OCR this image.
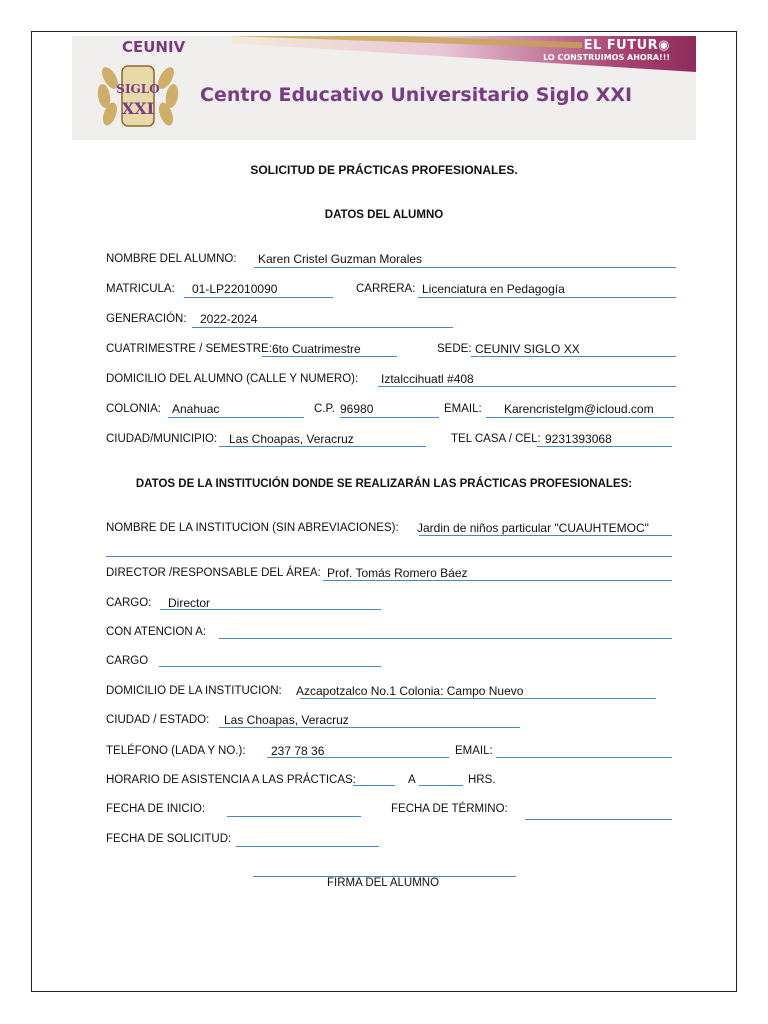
EL FUTUR◉
LO CONSTRUIMOS AHORA!!!
CEUNIV
SIGLO
XXI
Centro Educativo Universitario Siglo XXI
SOLICITUD DE PRÁCTICAS PROFESIONALES.
DATOS DEL ALUMNO
NOMBRE DEL ALUMNO: Karen Cristel Guzman Morales
MATRICULA: 01-LP22010090	CARRERA: Licenciatura en Pedagogía
GENERACIÓN: 2022-2024
CUATRIMESTRE / SEMESTRE: 6to Cuatrimestre	SEDE: CEUNIV SIGLO XX
DOMICILIO DEL ALUMNO (CALLE Y NUMERO): Iztalccihuatl #408
COLONIA: Anahuac	C.P. 96980	EMAIL: Karencristelgm@icloud.com
CIUDAD/MUNICIPIO: Las Choapas, Veracruz	TEL CASA / CEL: 9231393068
DATOS DE LA INSTITUCIÓN DONDE SE REALIZARÁN LAS PRÁCTICAS PROFESIONALES:
NOMBRE DE LA INSTITUCION (SIN ABREVIACIONES): Jardin de niños particular "CUAUHTEMOC"
DIRECTOR /RESPONSABLE DEL ÁREA: Prof. Tomás Romero Báez
CARGO: Director
CON ATENCION A:
CARGO
DOMICILIO DE LA INSTITUCION: Azcapotzalco No.1 Colonia: Campo Nuevo
CIUDAD / ESTADO: Las Choapas, Veracruz
TELÉFONO (LADA Y NO.): 237 78 36	EMAIL:
HORARIO DE ASISTENCIA A LAS PRÁCTICAS:	A	HRS.
FECHA DE INICIO:	FECHA DE TÉRMINO:
FECHA DE SOLICITUD:
FIRMA DEL ALUMNO
